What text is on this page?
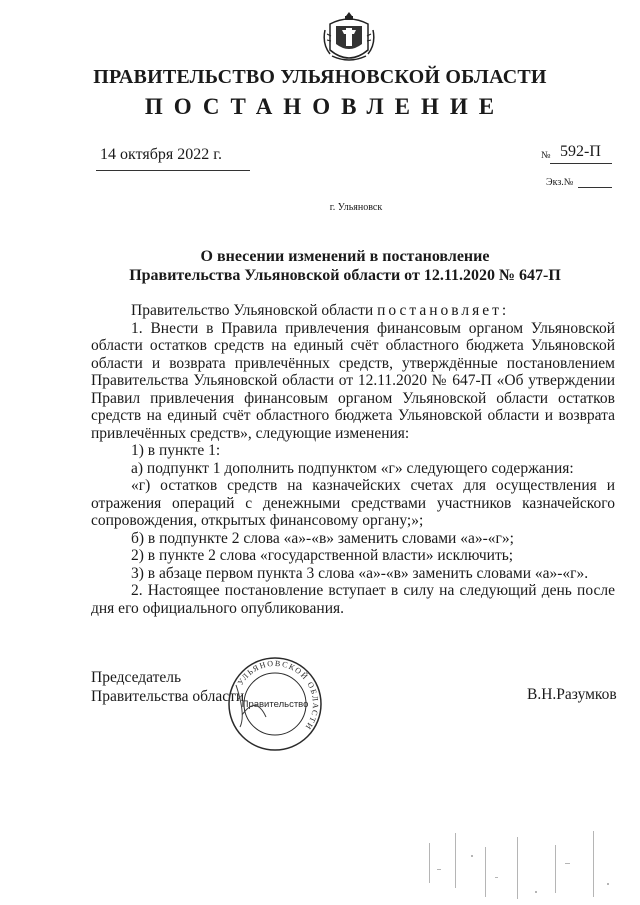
ПРАВИТЕЛЬСТВО УЛЬЯНОВСКОЙ ОБЛАСТИ
ПОСТАНОВЛЕНИЕ
14 октября 2022 г.	№ 592-П
Экз.№
г. Ульяновск
О внесении изменений в постановление
Правительства Ульяновской области от 12.11.2020 № 647-П

Правительство Ульяновской области постановляет:

1. Внести в Правила привлечения финансовым органом Ульяновской области остатков средств на единый счёт областного бюджета Ульяновской области и возврата привлечённых средств, утверждённые постановлением Правительства Ульяновской области от 12.11.2020 № 647-П «Об утверждении Правил привлечения финансовым органом Ульяновской области остатков средств на единый счёт областного бюджета Ульяновской области и возврата привлечённых средств», следующие изменения:

1) в пункте 1:

а) подпункт 1 дополнить подпунктом «г» следующего содержания:

«г) остатков средств на казначейских счетах для осуществления и отражения операций с денежными средствами участников казначейского сопровождения, открытых финансовому органу;»;

б) в подпункте 2 слова «а»-«в» заменить словами «а»-«г»;

2) в пункте 2 слова «государственной власти» исключить;

3) в абзаце первом пункта 3 слова «а»-«в» заменить словами «а»-«г».

2. Настоящее постановление вступает в силу на следующий день после дня его официального опубликования.

Председатель
Правительства области	В.Н.Разумков
УЛЬЯНОВСКОЙ ОБЛАСТИ
Правительство
